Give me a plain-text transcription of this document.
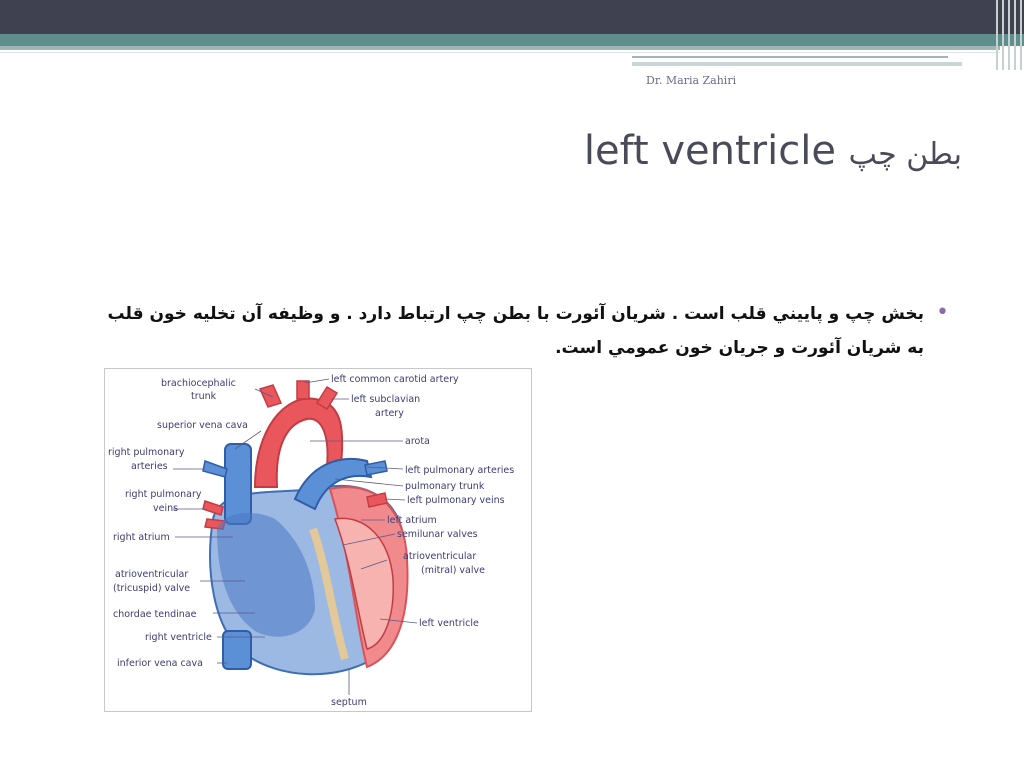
Dr. Maria Zahiri
left ventricle بطن چپ
•
بخش چپ و پاييني قلب است . شريان آئورت با بطن چپ ارتباط دارد . و وظيفه آن تخليه خون قلب به شريان آئورت و جريان خون عمومي است.
brachiocephalic
trunk
superior vena cava
right pulmonary
arteries
right pulmonary
veins
right atrium
atrioventricular
(tricuspid) valve
chordae tendinae
right ventricle
inferior vena cava
left common carotid artery
left subclavian
artery
arota
left pulmonary arteries
pulmonary trunk
left pulmonary veins
left atrium
semilunar valves
atrioventricular
(mitral) valve
left ventricle
septum
